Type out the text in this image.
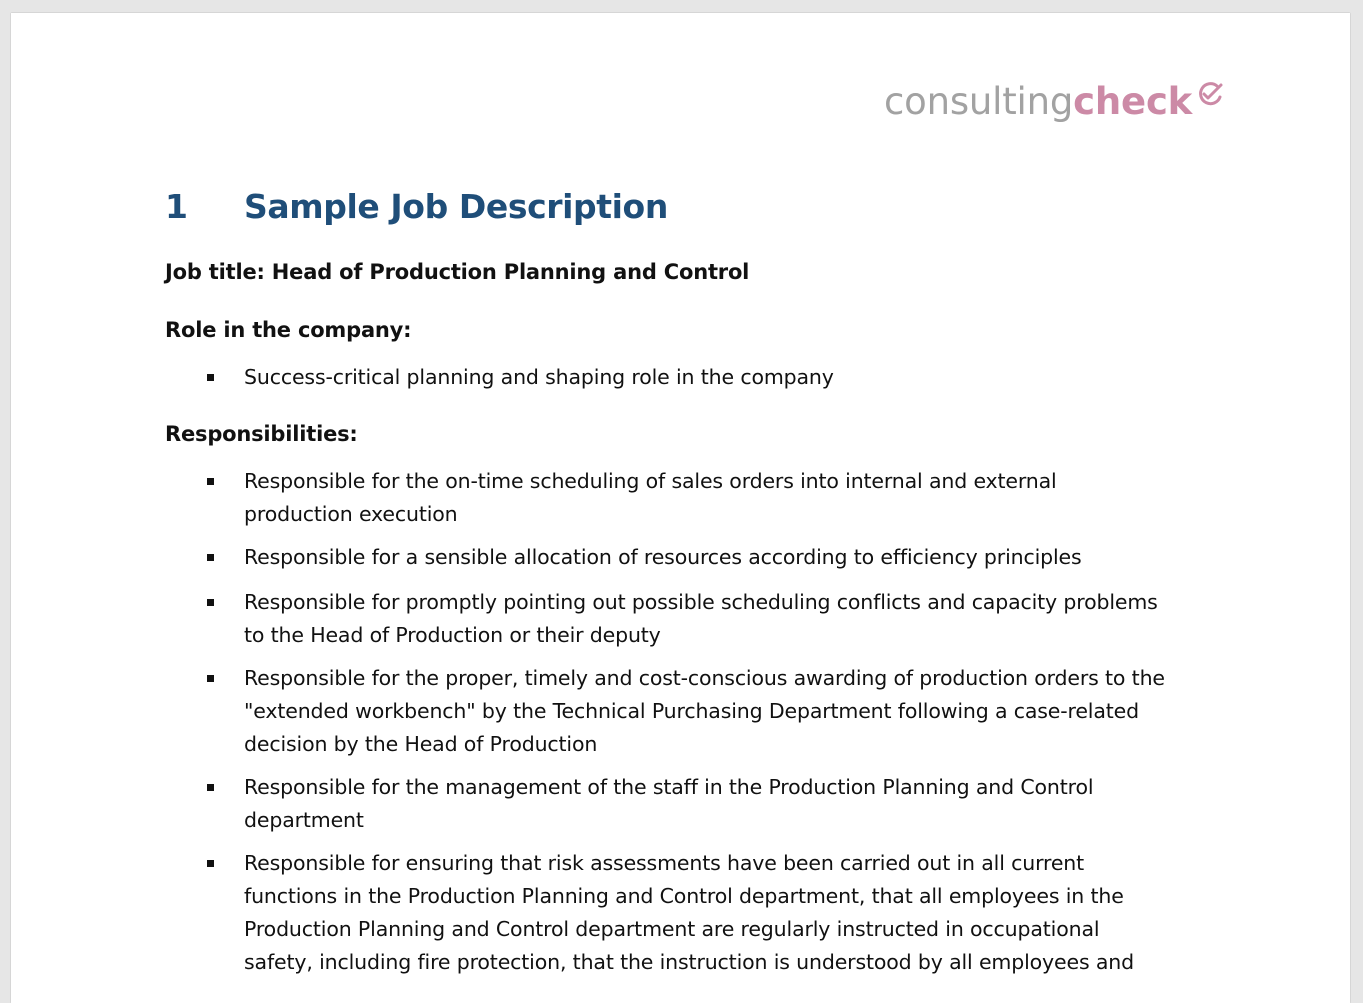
consultingcheck
1 Sample Job Description
Job title: Head of Production Planning and Control
Role in the company:
Success-critical planning and shaping role in the company
Responsibilities:
Responsible for the on-time scheduling of sales orders into internal and external production execution
Responsible for a sensible allocation of resources according to efficiency principles
Responsible for promptly pointing out possible scheduling conflicts and capacity problems to the Head of Production or their deputy
Responsible for the proper, timely and cost-conscious awarding of production orders to the "extended workbench" by the Technical Purchasing Department following a case-related decision by the Head of Production
Responsible for the management of the staff in the Production Planning and Control department
Responsible for ensuring that risk assessments have been carried out in all current functions in the Production Planning and Control department, that all employees in the Production Planning and Control department are regularly instructed in occupational safety, including fire protection, that the instruction is understood by all employees and
